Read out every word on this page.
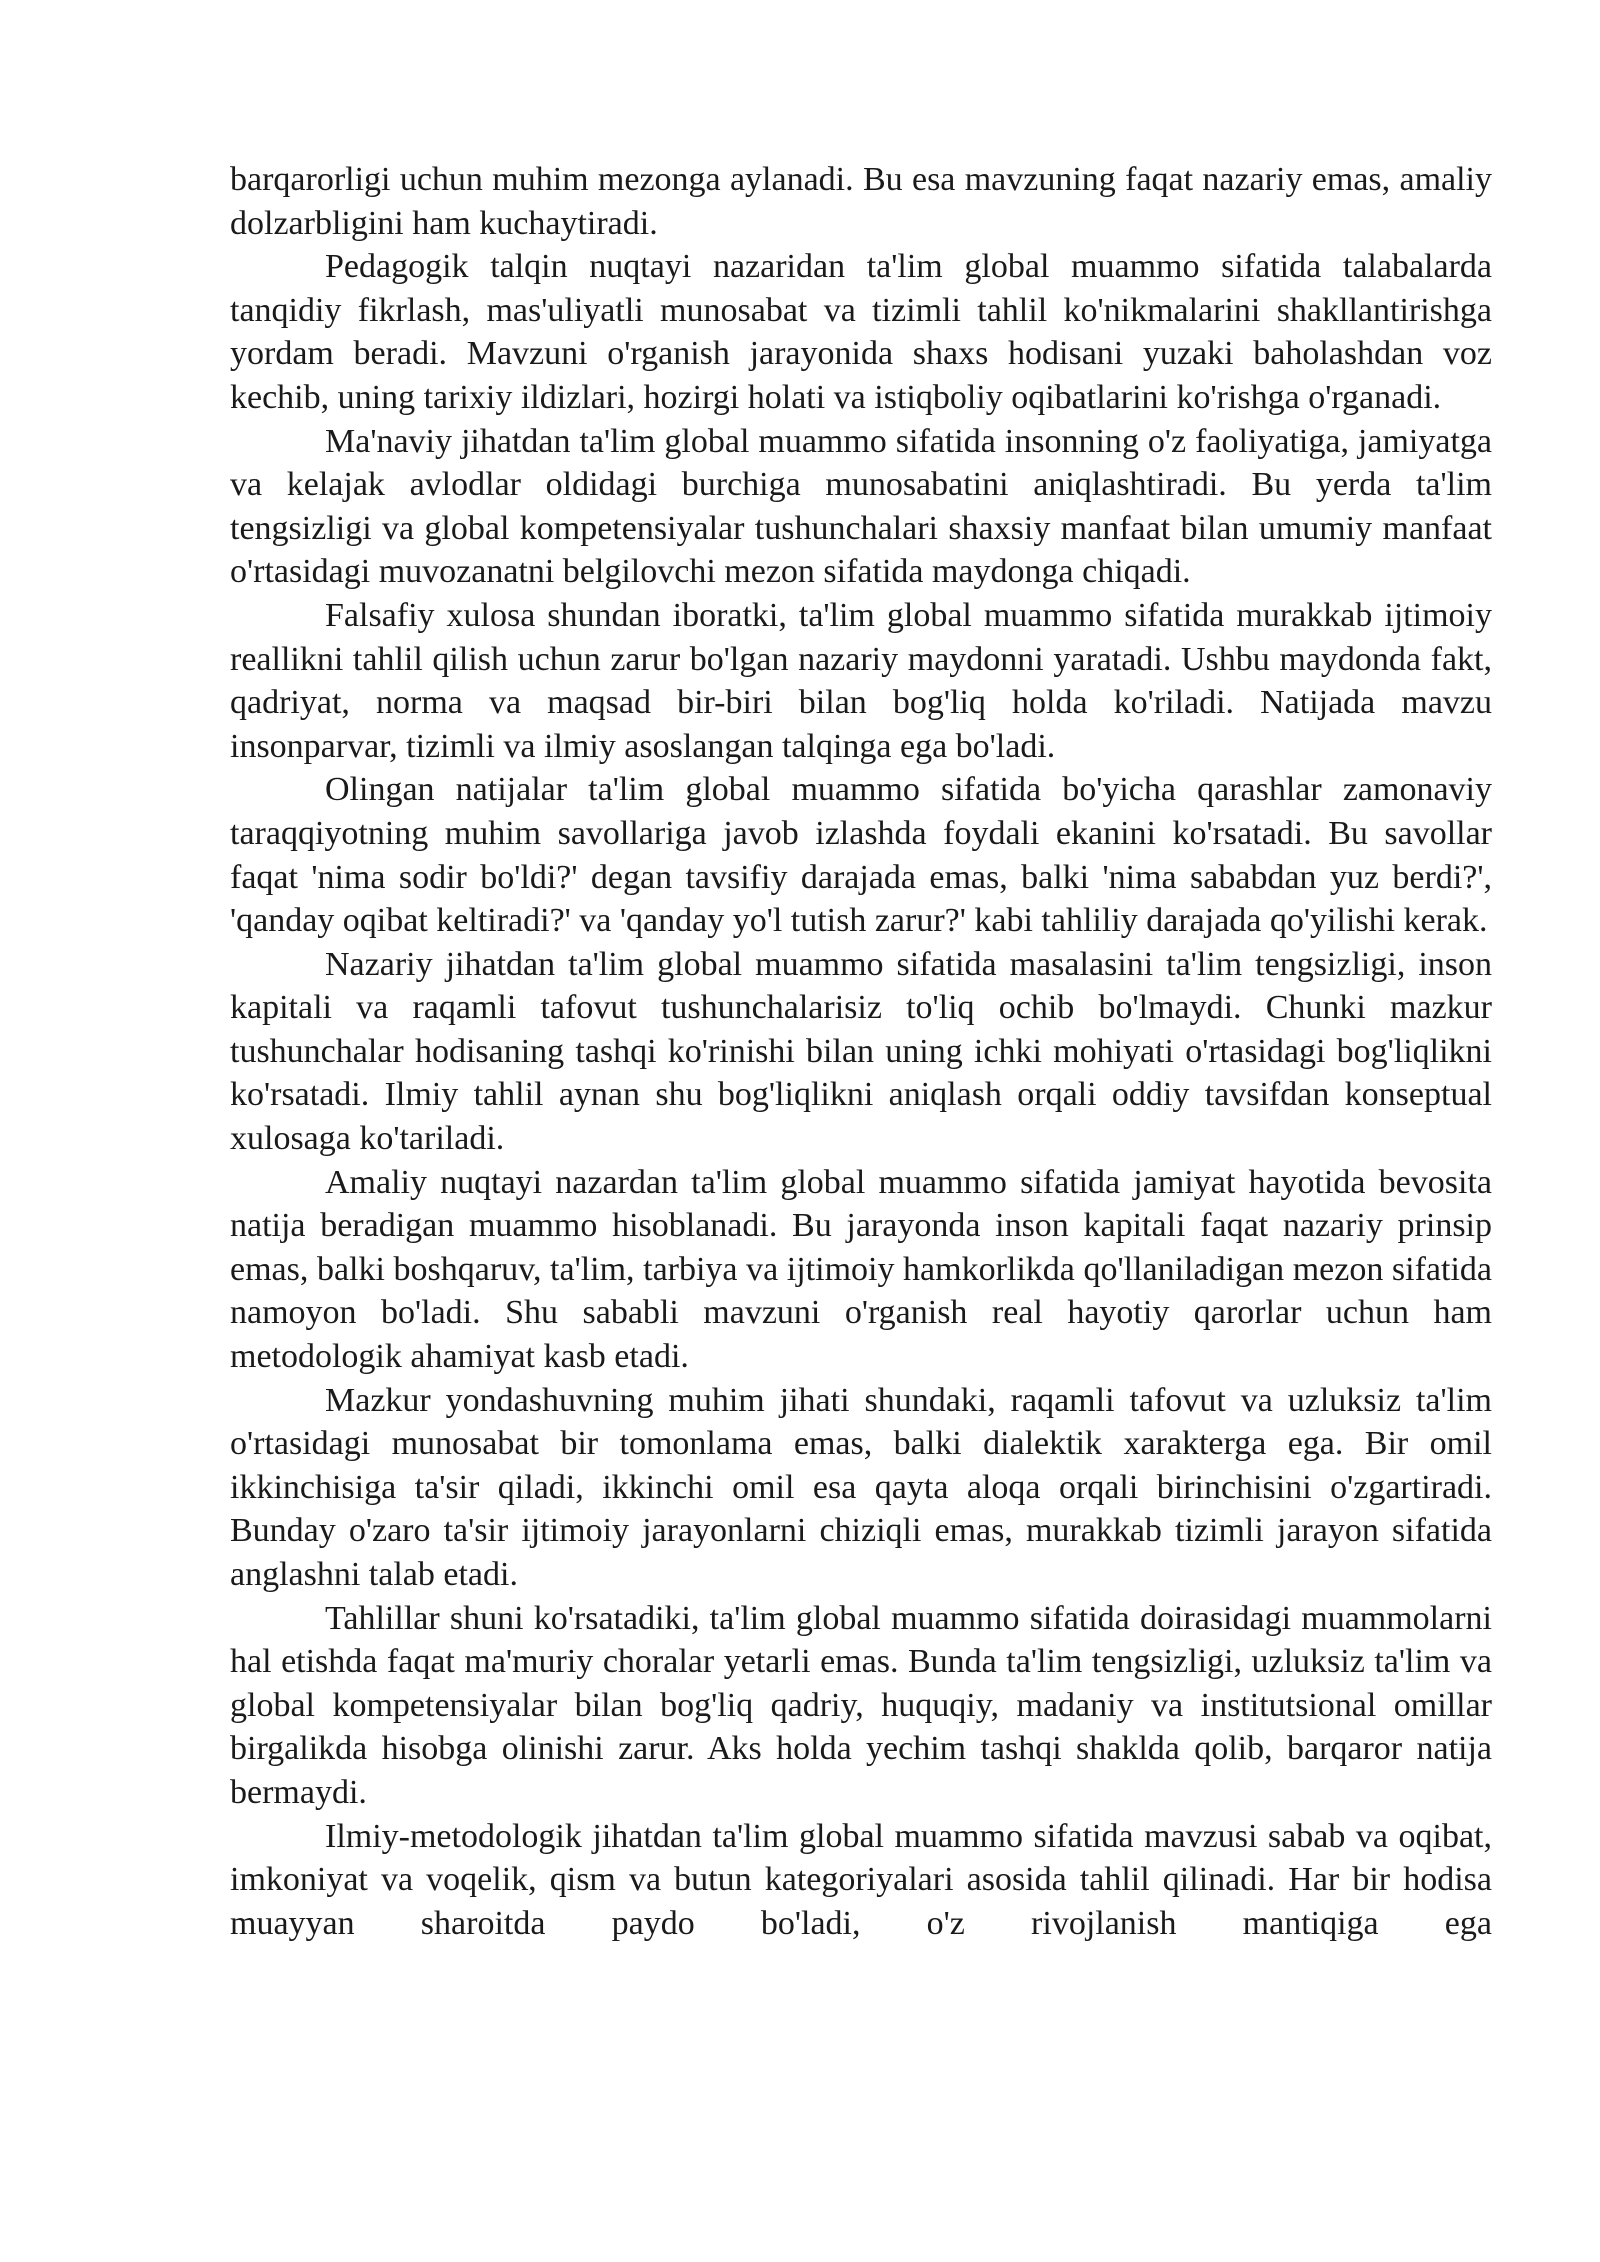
barqarorligi uchun muhim mezonga aylanadi. Bu esa mavzuning faqat nazariy emas, amaliy dolzarbligini ham kuchaytiradi.

Pedagogik talqin nuqtayi nazaridan ta'lim global muammo sifatida talabalarda tanqidiy fikrlash, mas'uliyatli munosabat va tizimli tahlil ko'nikmalarini shakllantirishga yordam beradi. Mavzuni o'rganish jarayonida shaxs hodisani yuzaki baholashdan voz kechib, uning tarixiy ildizlari, hozirgi holati va istiqboliy oqibatlarini ko'rishga o'rganadi.

Ma'naviy jihatdan ta'lim global muammo sifatida insonning o'z faoliyatiga, jamiyatga va kelajak avlodlar oldidagi burchiga munosabatini aniqlashtiradi. Bu yerda ta'lim tengsizligi va global kompetensiyalar tushunchalari shaxsiy manfaat bilan umumiy manfaat o'rtasidagi muvozanatni belgilovchi mezon sifatida maydonga chiqadi.

Falsafiy xulosa shundan iboratki, ta'lim global muammo sifatida murakkab ijtimoiy reallikni tahlil qilish uchun zarur bo'lgan nazariy maydonni yaratadi. Ushbu maydonda fakt, qadriyat, norma va maqsad bir-biri bilan bog'liq holda ko'riladi. Natijada mavzu insonparvar, tizimli va ilmiy asoslangan talqinga ega bo'ladi.

Olingan natijalar ta'lim global muammo sifatida bo'yicha qarashlar zamonaviy taraqqiyotning muhim savollariga javob izlashda foydali ekanini ko'rsatadi. Bu savollar faqat 'nima sodir bo'ldi?' degan tavsifiy darajada emas, balki 'nima sababdan yuz berdi?', 'qanday oqibat keltiradi?' va 'qanday yo'l tutish zarur?' kabi tahliliy darajada qo'yilishi kerak.

Nazariy jihatdan ta'lim global muammo sifatida masalasini ta'lim tengsizligi, inson kapitali va raqamli tafovut tushunchalarisiz to'liq ochib bo'lmaydi. Chunki mazkur tushunchalar hodisaning tashqi ko'rinishi bilan uning ichki mohiyati o'rtasidagi bog'liqlikni ko'rsatadi. Ilmiy tahlil aynan shu bog'liqlikni aniqlash orqali oddiy tavsifdan konseptual xulosaga ko'tariladi.

Amaliy nuqtayi nazardan ta'lim global muammo sifatida jamiyat hayotida bevosita natija beradigan muammo hisoblanadi. Bu jarayonda inson kapitali faqat nazariy prinsip emas, balki boshqaruv, ta'lim, tarbiya va ijtimoiy hamkorlikda qo'llaniladigan mezon sifatida namoyon bo'ladi. Shu sababli mavzuni o'rganish real hayotiy qarorlar uchun ham metodologik ahamiyat kasb etadi.

Mazkur yondashuvning muhim jihati shundaki, raqamli tafovut va uzluksiz ta'lim o'rtasidagi munosabat bir tomonlama emas, balki dialektik xarakterga ega. Bir omil ikkinchisiga ta'sir qiladi, ikkinchi omil esa qayta aloqa orqali birinchisini o'zgartiradi. Bunday o'zaro ta'sir ijtimoiy jarayonlarni chiziqli emas, murakkab tizimli jarayon sifatida anglashni talab etadi.

Tahlillar shuni ko'rsatadiki, ta'lim global muammo sifatida doirasidagi muammolarni hal etishda faqat ma'muriy choralar yetarli emas. Bunda ta'lim tengsizligi, uzluksiz ta'lim va global kompetensiyalar bilan bog'liq qadriy, huquqiy, madaniy va institutsional omillar birgalikda hisobga olinishi zarur. Aks holda yechim tashqi shaklda qolib, barqaror natija bermaydi.

Ilmiy-metodologik jihatdan ta'lim global muammo sifatida mavzusi sabab va oqibat, imkoniyat va voqelik, qism va butun kategoriyalari asosida tahlil qilinadi. Har bir hodisa muayyan sharoitda paydo bo'ladi, o'z rivojlanish mantiqiga ega
